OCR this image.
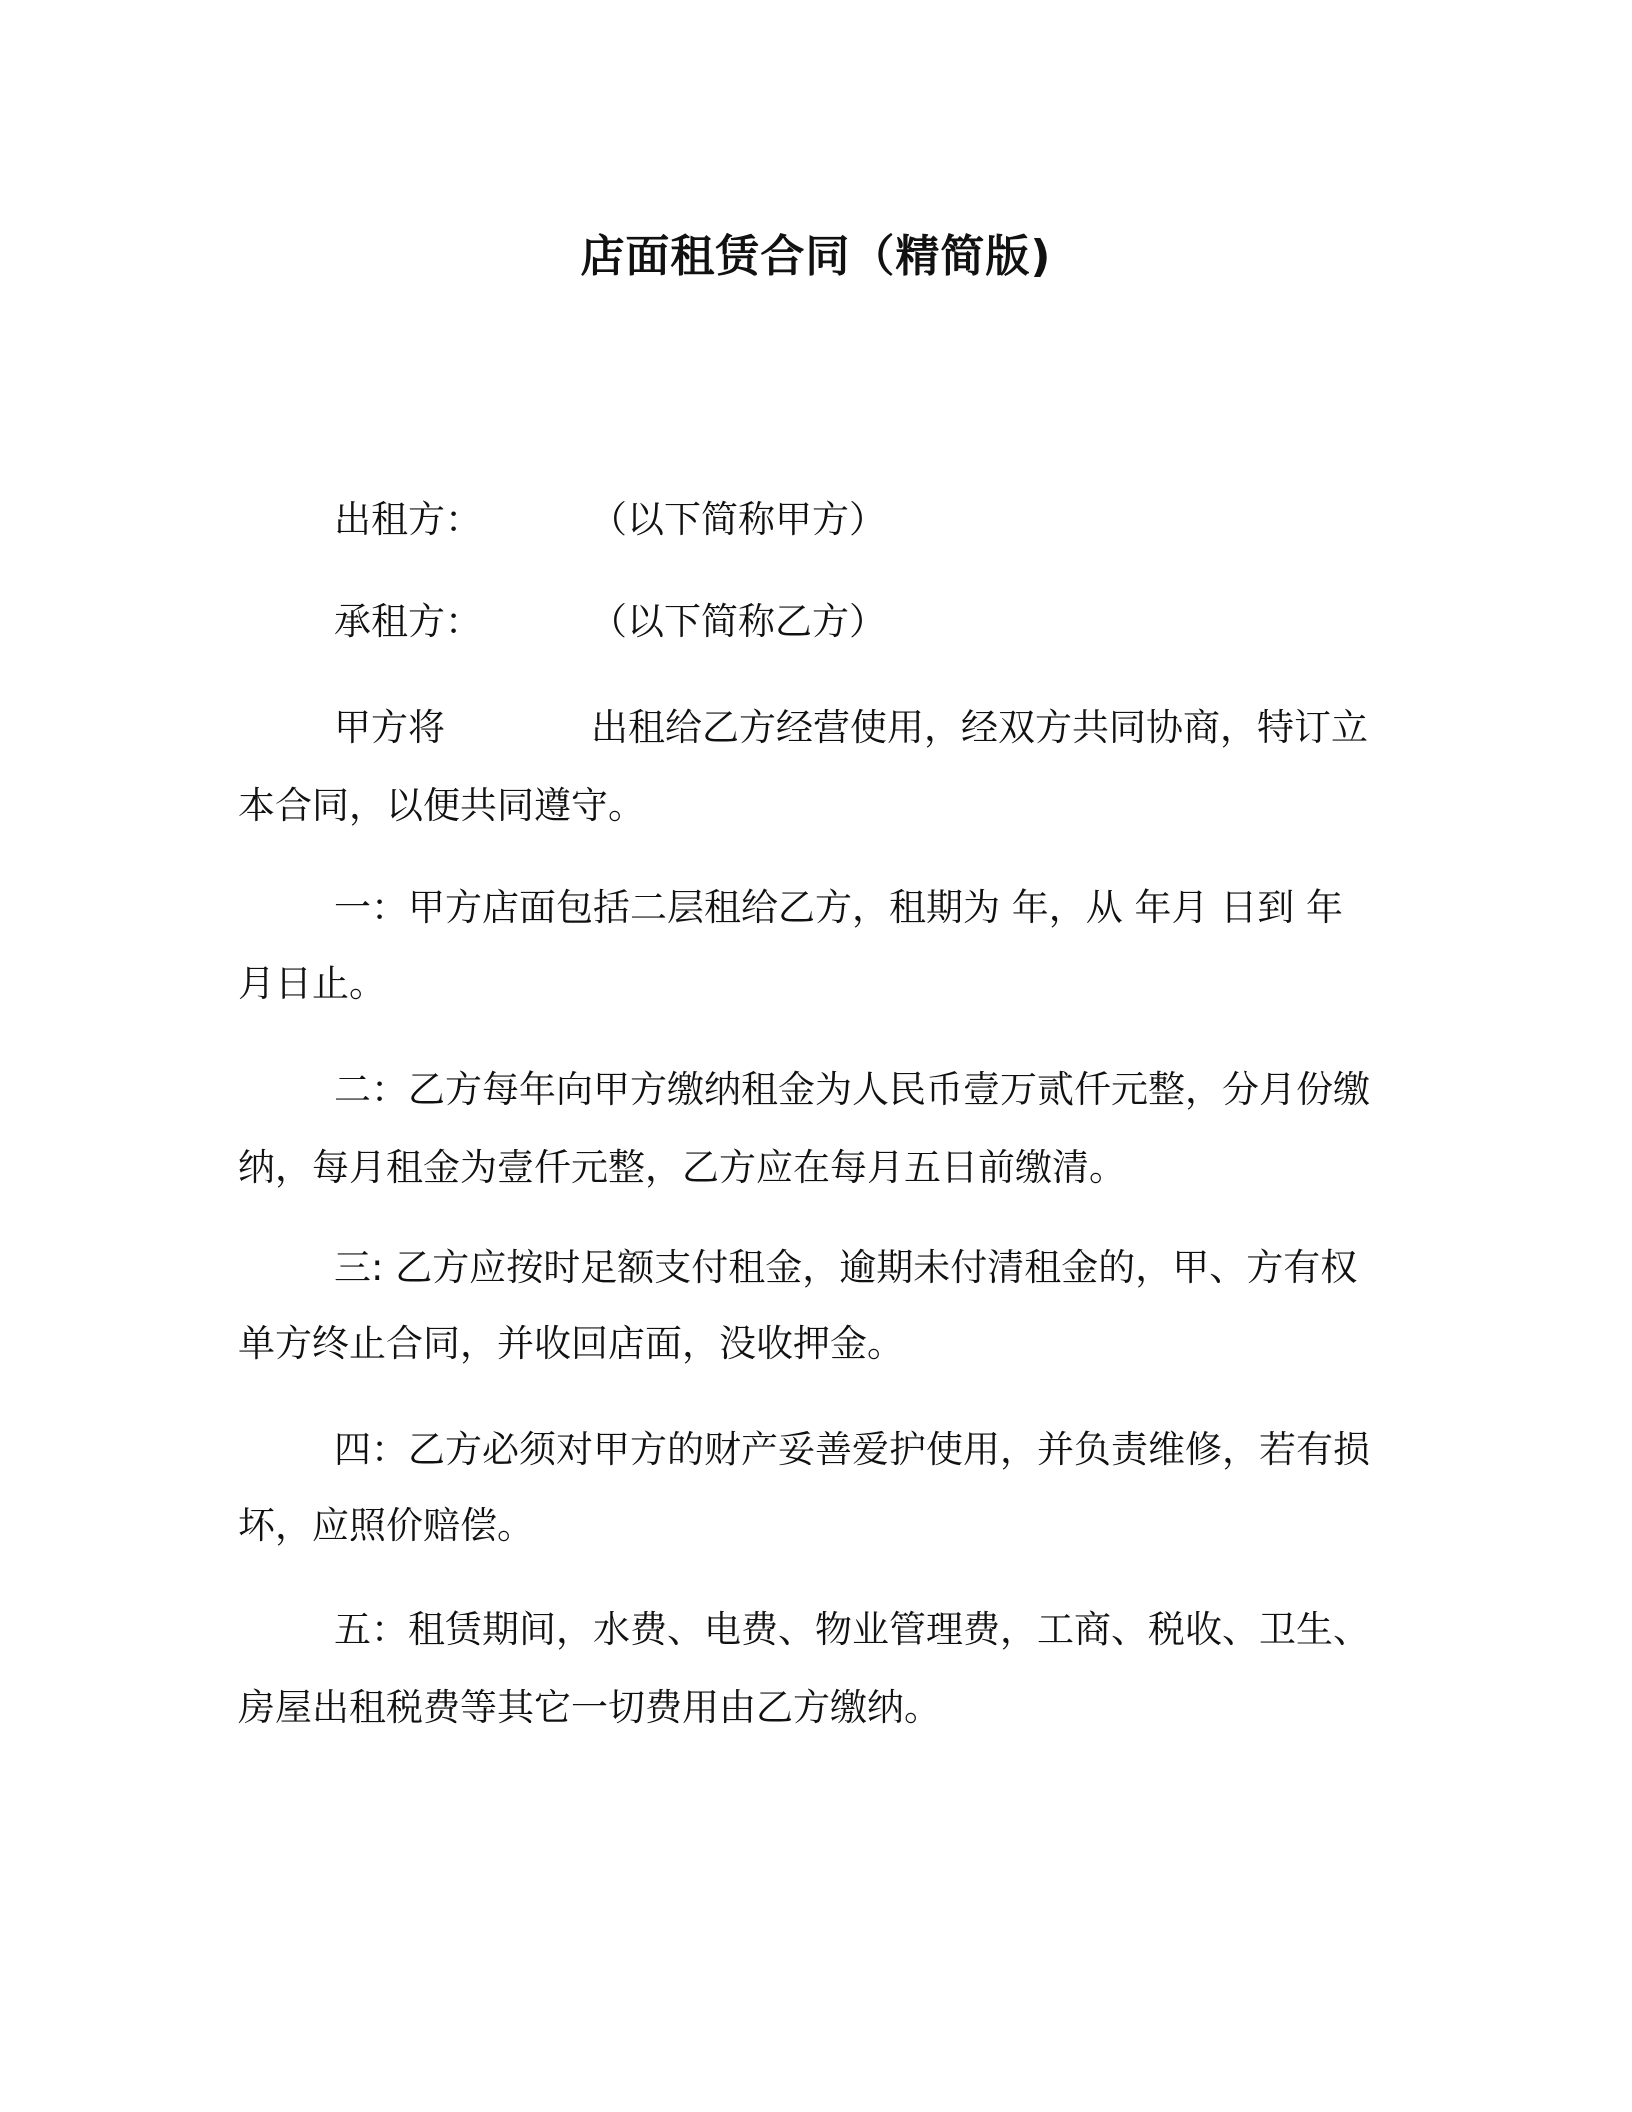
店面租赁合同（精简版)
出租方：	（以下简称甲方）
承租方：	（以下简称乙方）
甲方将	出租给乙方经营使用，经双方共同协商，特订立
本合同，以便共同遵守。
一：甲方店面包括二层租给乙方，租期为 年，从 年月 日到 年
月日止。
二：乙方每年向甲方缴纳租金为人民币壹万贰仟元整，分月份缴
纳，每月租金为壹仟元整，乙方应在每月五日前缴清。
三: 乙方应按时足额支付租金，逾期未付清租金的，甲、方有权
单方终止合同，并收回店面，没收押金。
四：乙方必须对甲方的财产妥善爱护使用，并负责维修，若有损
坏，应照价赔偿。
五：租赁期间，水费、电费、物业管理费，工商、税收、卫生、
房屋出租税费等其它一切费用由乙方缴纳。
